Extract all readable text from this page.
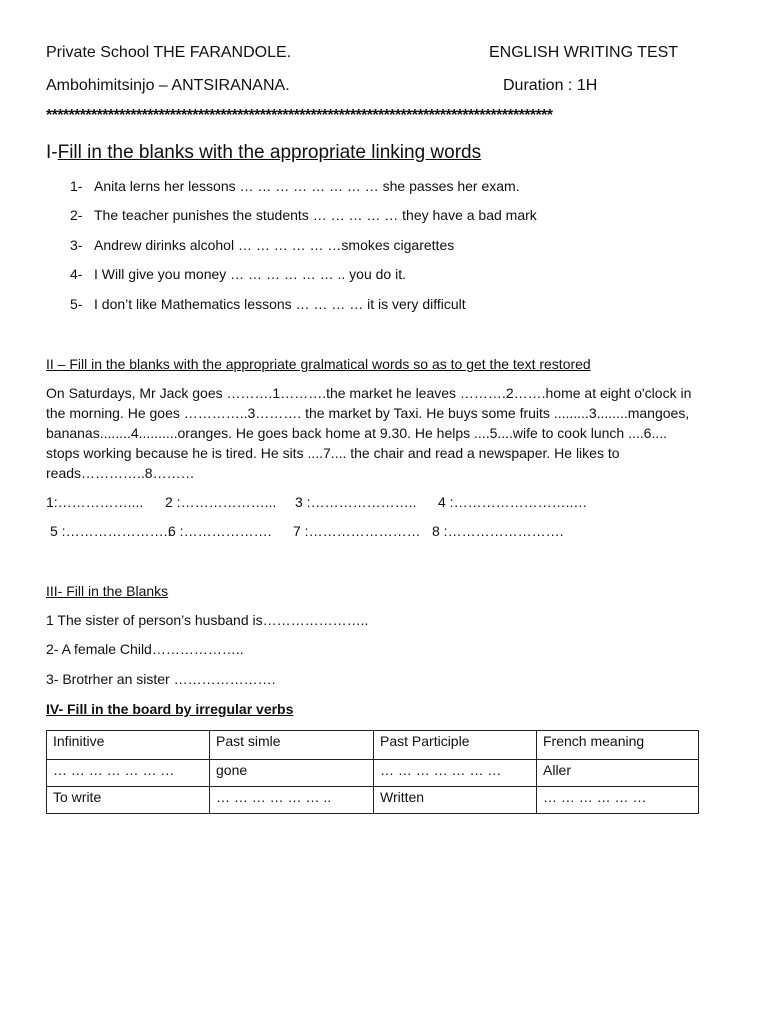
Private School THE FARANDOLE.	ENGLISH WRITING TEST
Ambohimitsinjo – ANTSIRANANA.	Duration : 1H
******************************************************************************************
I-Fill in the blanks with the appropriate linking words
1- Anita lerns her lessons … … … … … … … … she passes her exam.
2- The teacher punishes the students … … … … … they have a bad mark
3- Andrew dirinks alcohol … … … … … …smokes cigarettes
4- I Will give you money … … … … … … .. you do it.
5- I don’t like Mathematics lessons … … … … it is very difficult
II – Fill in the blanks with the appropriate gralmatical words so as to get the text restored

On Saturdays, Mr Jack goes ……….1……….the market he leaves ……….2…….home at eight o'clock in

the morning. He goes …………..3………. the market by Taxi. He buys some fruits .........3........mangoes,

bananas........4..........oranges. He goes back home at 9.30. He helps ....5....wife to cook lunch ....6....

stops working because he is tired. He sits ....7.... the chair and read a newspaper. He likes to

reads…………..8………

1:…………….... 2 :………………... 3 :………………….. 4 :……………………..…
5 :…………………..
6 :………………. 7 :…………………… 8 :…………………….
III- Fill in the Blanks
1 The sister of person’s husband is…………………..
2- A female Child………………..
3- Brotrher an sister ………………….
IV- Fill in the board by irregular verbs
Infinitive	Past simle	Past Participle	French meaning
… … … … … … …	gone	… … … … … … …	Aller
To write	… … … … … … ..	Written	… … … … … …
